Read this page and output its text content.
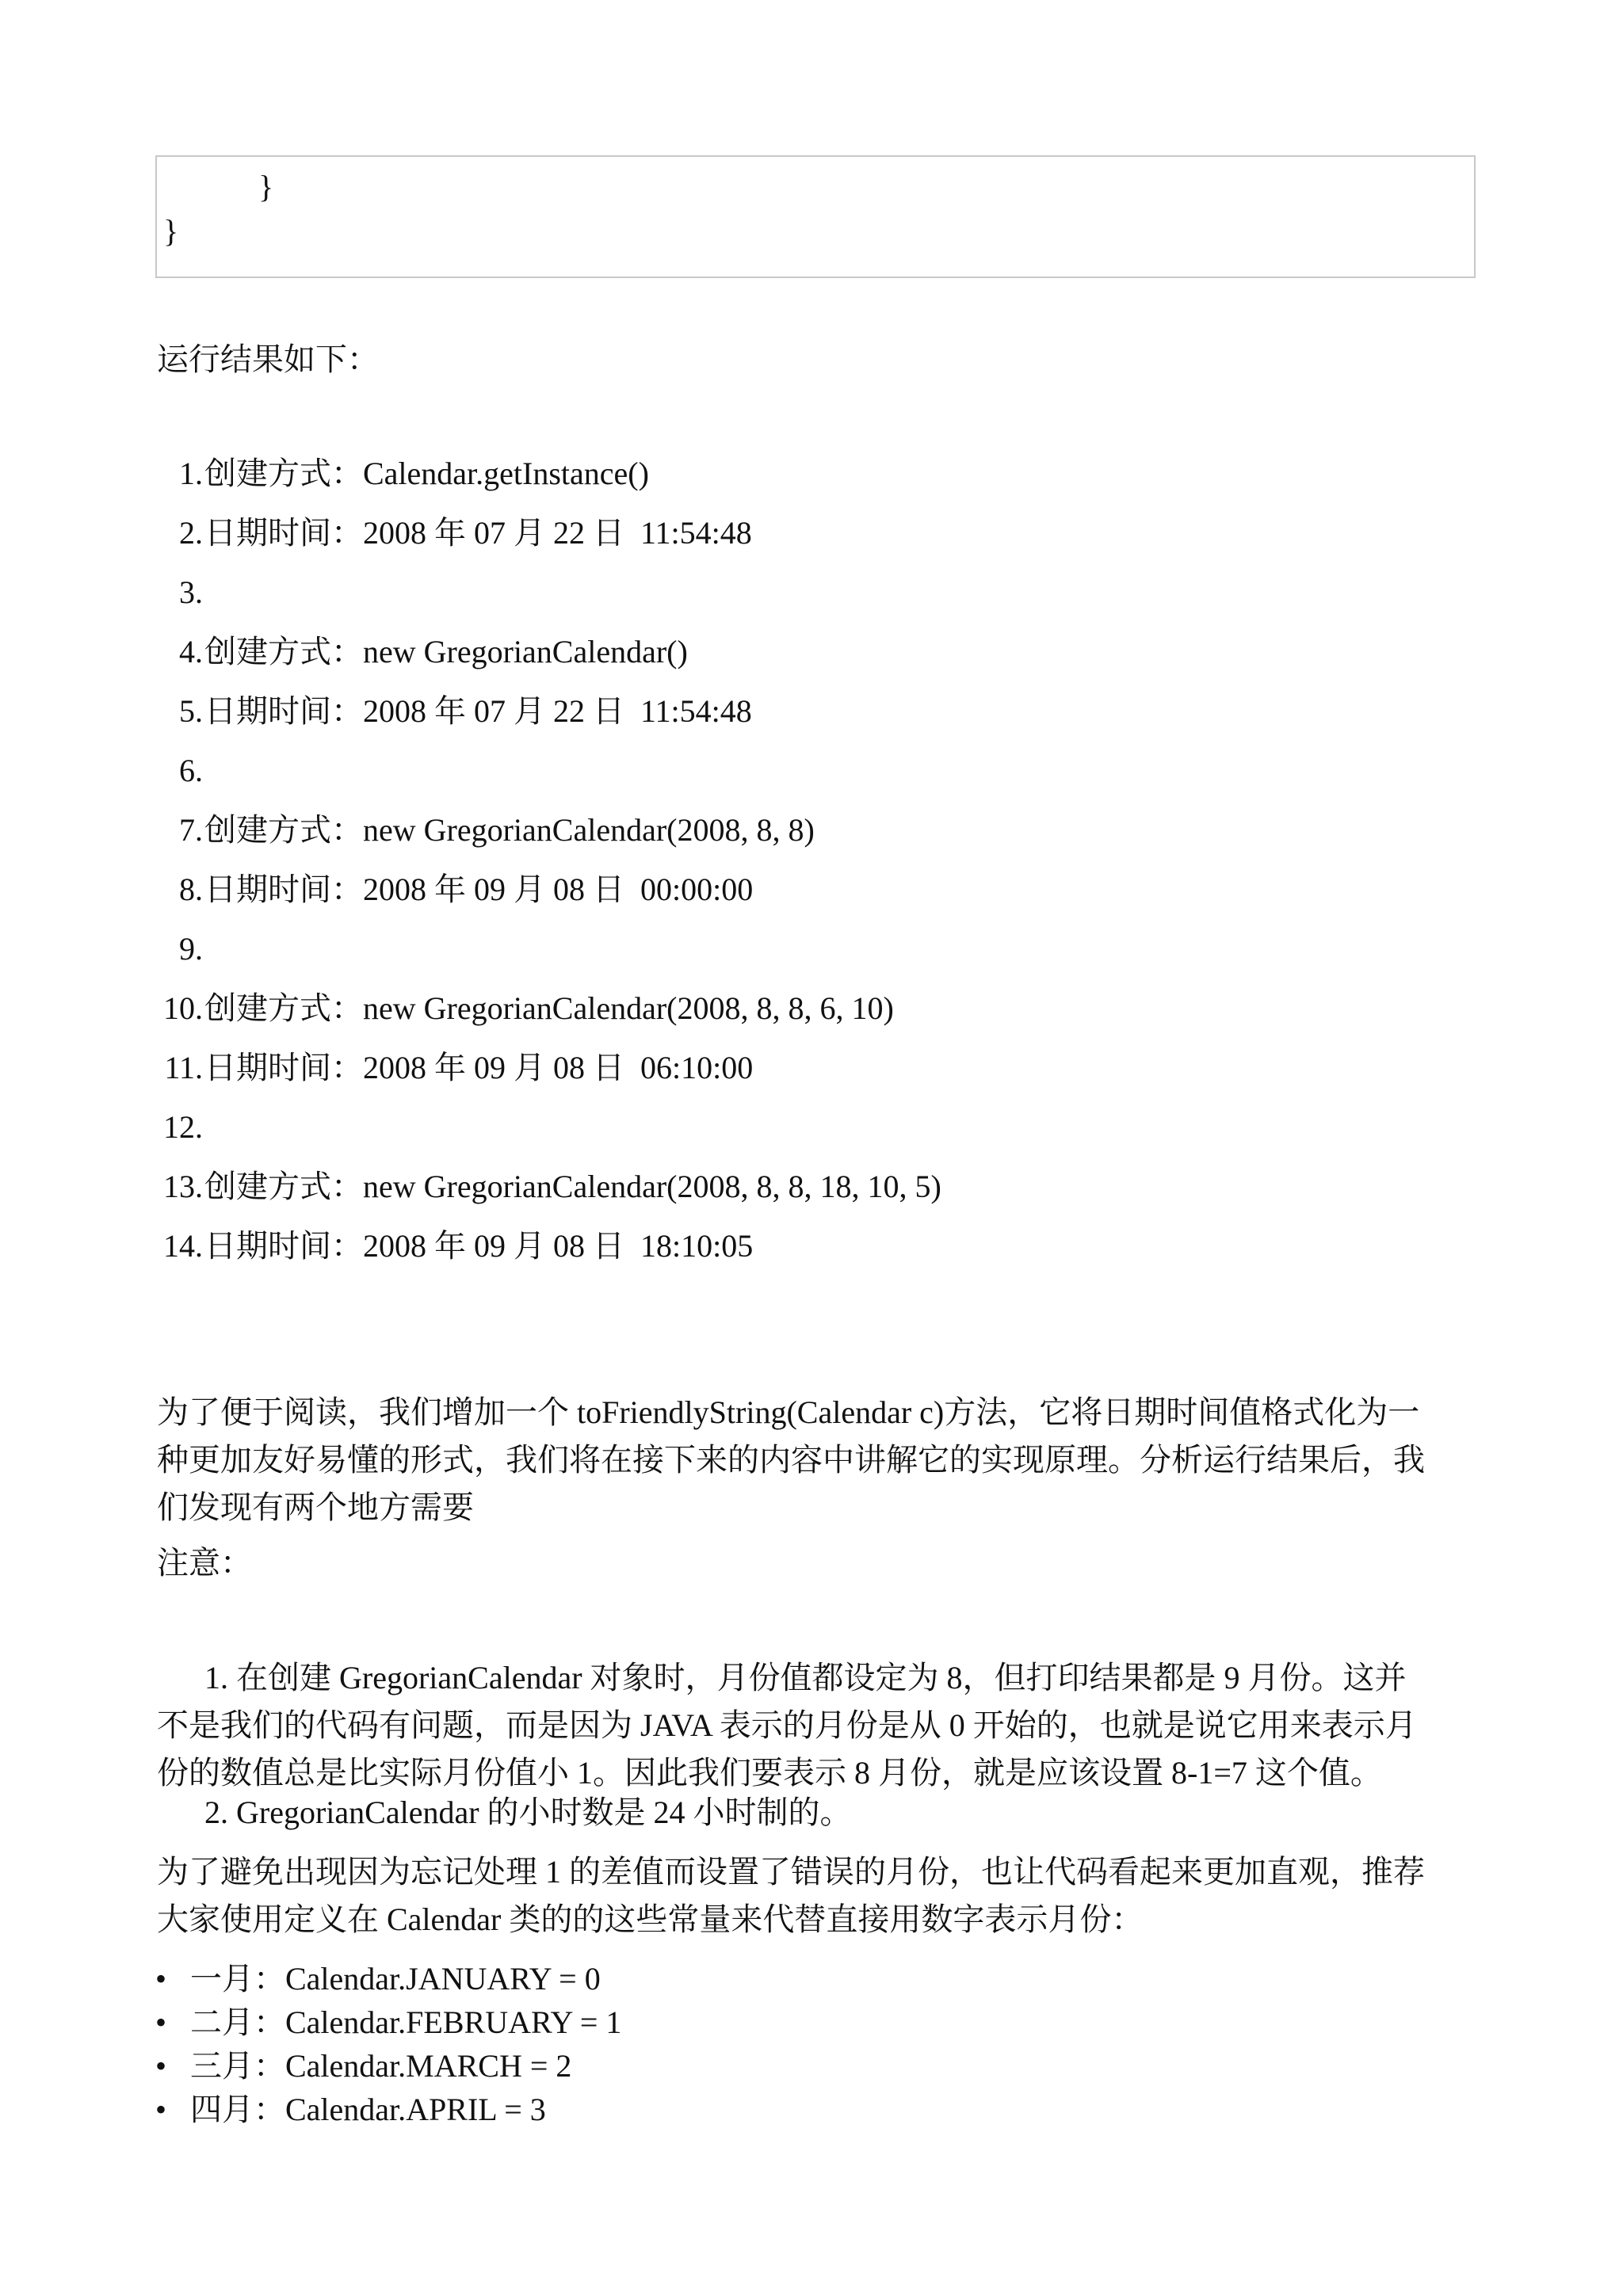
}
}
运行结果如下：
1.创建方式：Calendar.getInstance()
2.日期时间：2008 年 07 月 22 日  11:54:48
3.
4.创建方式：new GregorianCalendar()
5.日期时间：2008 年 07 月 22 日  11:54:48
6.
7.创建方式：new GregorianCalendar(2008, 8, 8)
8.日期时间：2008 年 09 月 08 日  00:00:00
9.
10.创建方式：new GregorianCalendar(2008, 8, 8, 6, 10)
11.日期时间：2008 年 09 月 08 日  06:10:00
12.
13.创建方式：new GregorianCalendar(2008, 8, 8, 18, 10, 5)
14.日期时间：2008 年 09 月 08 日  18:10:05
为了便于阅读，我们增加一个 toFriendlyString(Calendar c)方法，它将日期时间值格式化为一
种更加友好易懂的形式，我们将在接下来的内容中讲解它的实现原理。分析运行结果后，我
们发现有两个地方需要
注意：
1. 在创建 GregorianCalendar 对象时，月份值都设定为 8，但打印结果都是 9 月份。这并
不是我们的代码有问题，而是因为 JAVA 表示的月份是从 0 开始的，也就是说它用来表示月
份的数值总是比实际月份值小 1。因此我们要表示 8 月份，就是应该设置 8-1=7 这个值。
2. GregorianCalendar 的小时数是 24 小时制的。
为了避免出现因为忘记处理 1 的差值而设置了错误的月份，也让代码看起来更加直观，推荐
大家使用定义在 Calendar 类的的这些常量来代替直接用数字表示月份：
• 一月：Calendar.JANUARY = 0
• 二月：Calendar.FEBRUARY = 1
• 三月：Calendar.MARCH = 2
• 四月：Calendar.APRIL = 3
